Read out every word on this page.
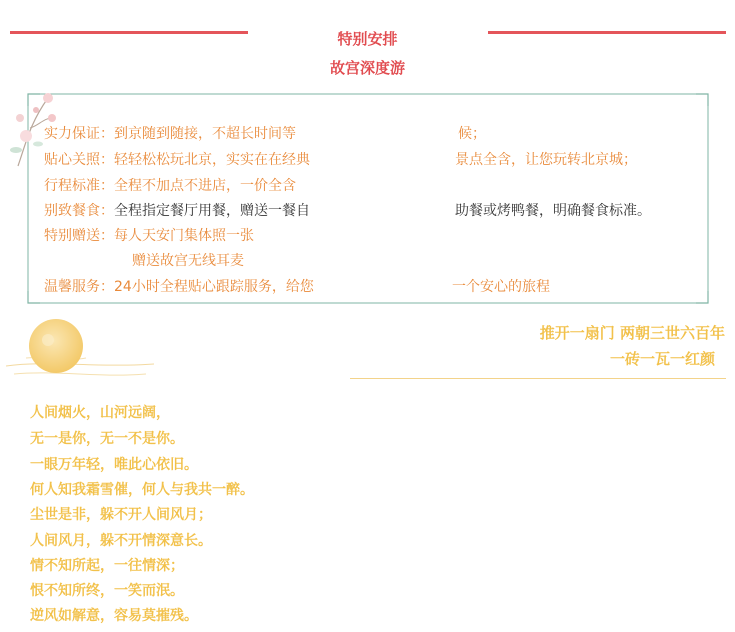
特别安排
故宫深度游
实力保证：到京随到随接，不超长时间等	候；
贴心关照：轻轻松松玩北京，实实在在经典	景点全含，让您玩转北京城；
行程标准：全程不加点不进店，一价全含
别致餐食：全程指定餐厅用餐，赠送一餐自	助餐或烤鸭餐，明确餐食标准。
特别赠送：每人天安门集体照一张
赠送故宫无线耳麦
温馨服务：24小时全程贴心跟踪服务，给您	一个安心的旅程
推开一扇门 两朝三世六百年
一砖一瓦一红颜
人间烟火，山河远阔，
无一是你，无一不是你。
一眼万年轻，唯此心依旧。
何人知我霜雪催，何人与我共一醉。
尘世是非，躲不开人间风月；
人间风月，躲不开情深意长。
情不知所起，一往情深；
恨不知所终，一笑而泯。
逆风如解意，容易莫摧残。
